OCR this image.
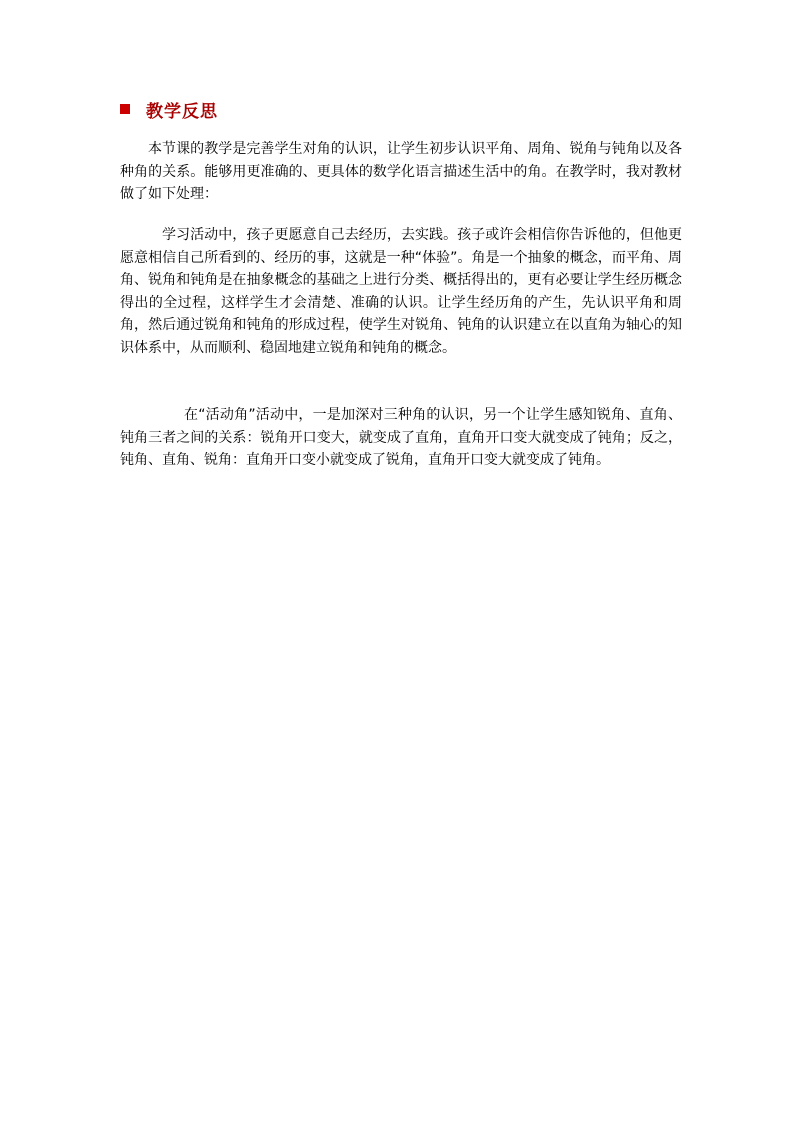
教学反思

本节课的教学是完善学生对角的认识，让学生初步认识平角、周角、锐角与钝角以及各种角的关系。能够用更准确的、更具体的数学化语言描述生活中的角。在教学时，我对教材做了如下处理：

学习活动中，孩子更愿意自己去经历，去实践。孩子或许会相信你告诉他的，但他更愿意相信自己所看到的、经历的事，这就是一种“体验”。角是一个抽象的概念，而平角、周角、锐角和钝角是在抽象概念的基础之上进行分类、概括得出的，更有必要让学生经历概念得出的全过程，这样学生才会清楚、准确的认识。让学生经历角的产生，先认识平角和周角，然后通过锐角和钝角的形成过程，使学生对锐角、钝角的认识建立在以直角为轴心的知识体系中，从而顺利、稳固地建立锐角和钝角的概念。

在“活动角”活动中，一是加深对三种角的认识，另一个让学生感知锐角、直角、钝角三者之间的关系：锐角开口变大，就变成了直角，直角开口变大就变成了钝角；反之，钝角、直角、锐角：直角开口变小就变成了锐角，直角开口变大就变成了钝角。
